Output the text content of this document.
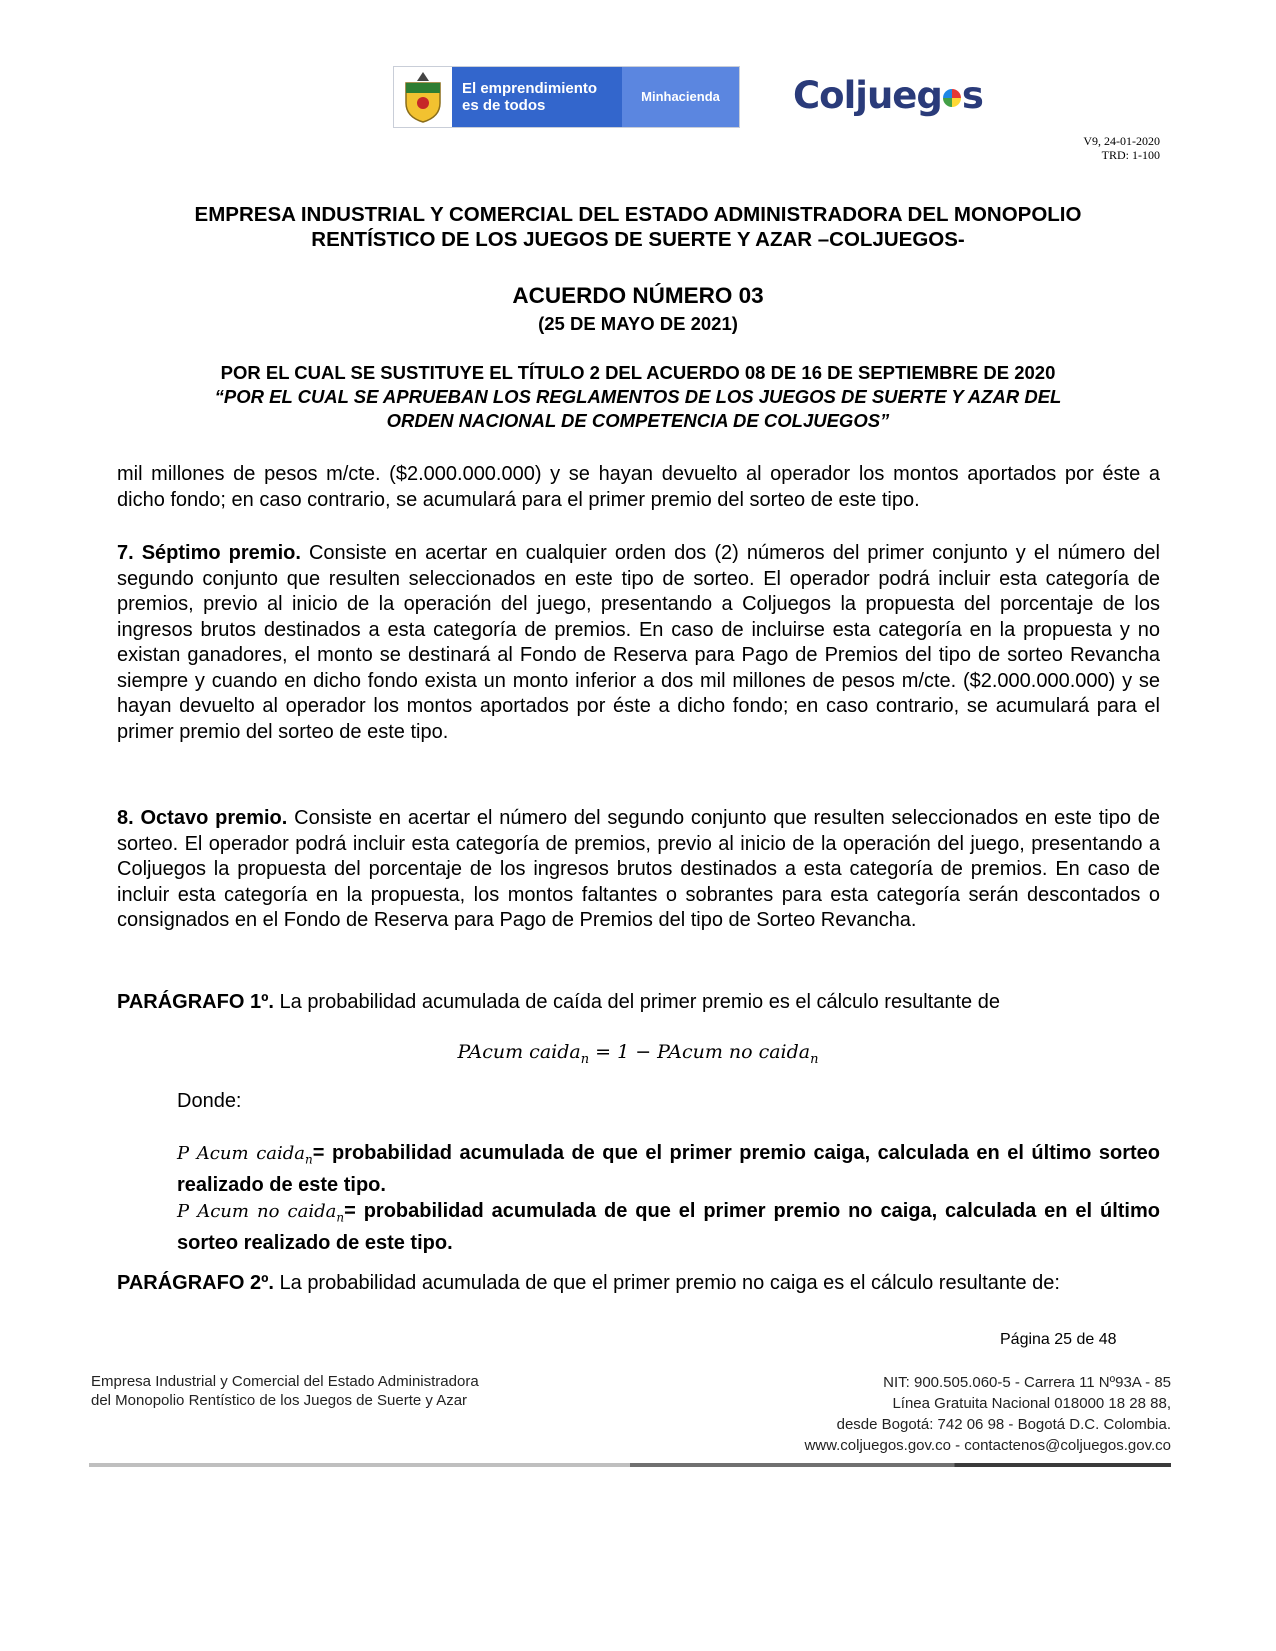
El emprendimiento
es de todos
Minhacienda	Coljueg s
V9, 24-01-2020
TRD: 1-100
EMPRESA INDUSTRIAL Y COMERCIAL DEL ESTADO ADMINISTRADORA DEL MONOPOLIO
RENTÍSTICO DE LOS JUEGOS DE SUERTE Y AZAR –COLJUEGOS-
ACUERDO NÚMERO 03
(25 DE MAYO DE 2021)
POR EL CUAL SE SUSTITUYE EL TÍTULO 2 DEL ACUERDO 08 DE 16 DE SEPTIEMBRE DE 2020
“POR EL CUAL SE APRUEBAN LOS REGLAMENTOS DE LOS JUEGOS DE SUERTE Y AZAR DEL
ORDEN NACIONAL DE COMPETENCIA DE COLJUEGOS”
mil millones de pesos m/cte. ($2.000.000.000) y se hayan devuelto al operador los montos aportados por éste a dicho fondo; en caso contrario, se acumulará para el primer premio del sorteo de este tipo.
7. Séptimo premio. Consiste en acertar en cualquier orden dos (2) números del primer conjunto y el número del segundo conjunto que resulten seleccionados en este tipo de sorteo. El operador podrá incluir esta categoría de premios, previo al inicio de la operación del juego, presentando a Coljuegos la propuesta del porcentaje de los ingresos brutos destinados a esta categoría de premios. En caso de incluirse esta categoría en la propuesta y no existan ganadores, el monto se destinará al Fondo de Reserva para Pago de Premios del tipo de sorteo Revancha siempre y cuando en dicho fondo exista un monto inferior a dos mil millones de pesos m/cte. ($2.000.000.000) y se hayan devuelto al operador los montos aportados por éste a dicho fondo; en caso contrario, se acumulará para el primer premio del sorteo de este tipo.
8. Octavo premio. Consiste en acertar el número del segundo conjunto que resulten seleccionados en este tipo de sorteo. El operador podrá incluir esta categoría de premios, previo al inicio de la operación del juego, presentando a Coljuegos la propuesta del porcentaje de los ingresos brutos destinados a esta categoría de premios. En caso de incluir esta categoría en la propuesta, los montos faltantes o sobrantes para esta categoría serán descontados o consignados en el Fondo de Reserva para Pago de Premios del tipo de Sorteo Revancha.
PARÁGRAFO 1º. La probabilidad acumulada de caída del primer premio es el cálculo resultante de
PAcum caida$_n$ = 1 − PAcum no caida$_n$
Donde:
P Acum caida$_n$= probabilidad acumulada de que el primer premio caiga, calculada en el último sorteo realizado de este tipo.
P Acum no caida$_n$= probabilidad acumulada de que el primer premio no caiga, calculada en el último sorteo realizado de este tipo.
PARÁGRAFO 2º. La probabilidad acumulada de que el primer premio no caiga es el cálculo resultante de:
Página 25 de 48
Empresa Industrial y Comercial del Estado Administradora
del Monopolio Rentístico de los Juegos de Suerte y Azar
NIT: 900.505.060-5 - Carrera 11 Nº93A - 85
Línea Gratuita Nacional 018000 18 28 88,
desde Bogotá: 742 06 98 - Bogotá D.C. Colombia.
www.coljuegos.gov.co - contactenos@coljuegos.gov.co
